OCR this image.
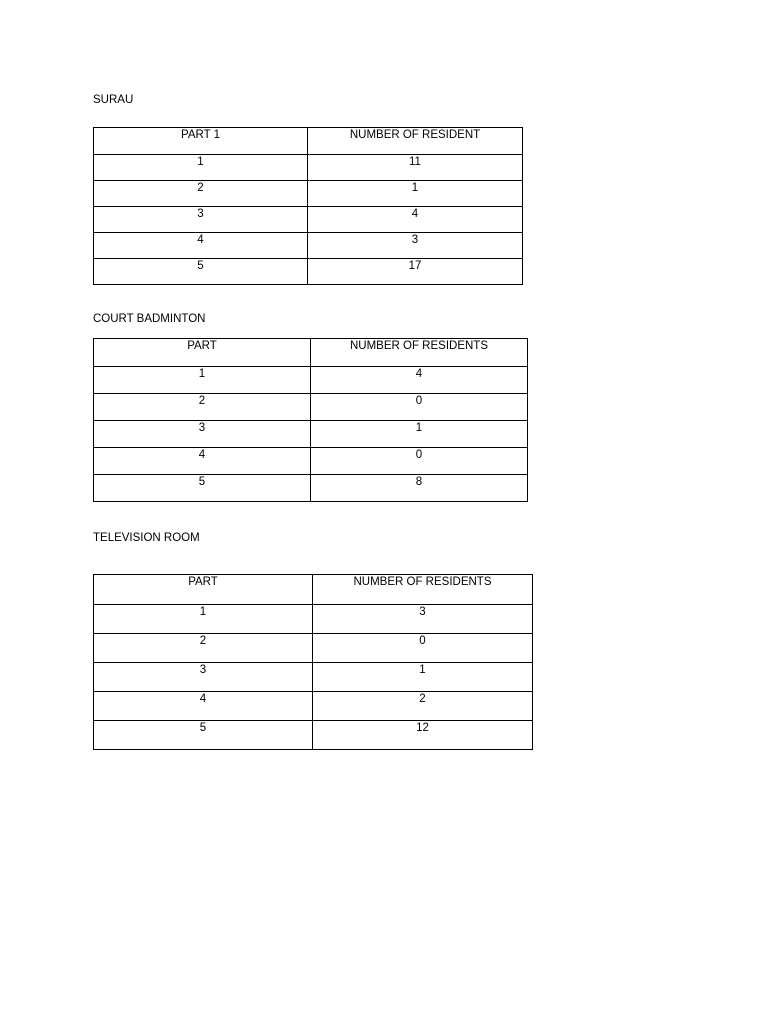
SURAU
PART 1	NUMBER OF RESIDENT

1	11

2	1

3	4

4	3

5	17
COURT BADMINTON
PART	NUMBER OF RESIDENTS

1	4

2	0

3	1

4	0

5	8
TELEVISION ROOM
PART	NUMBER OF RESIDENTS

1	3

2	0

3	1

4	2

5	12
